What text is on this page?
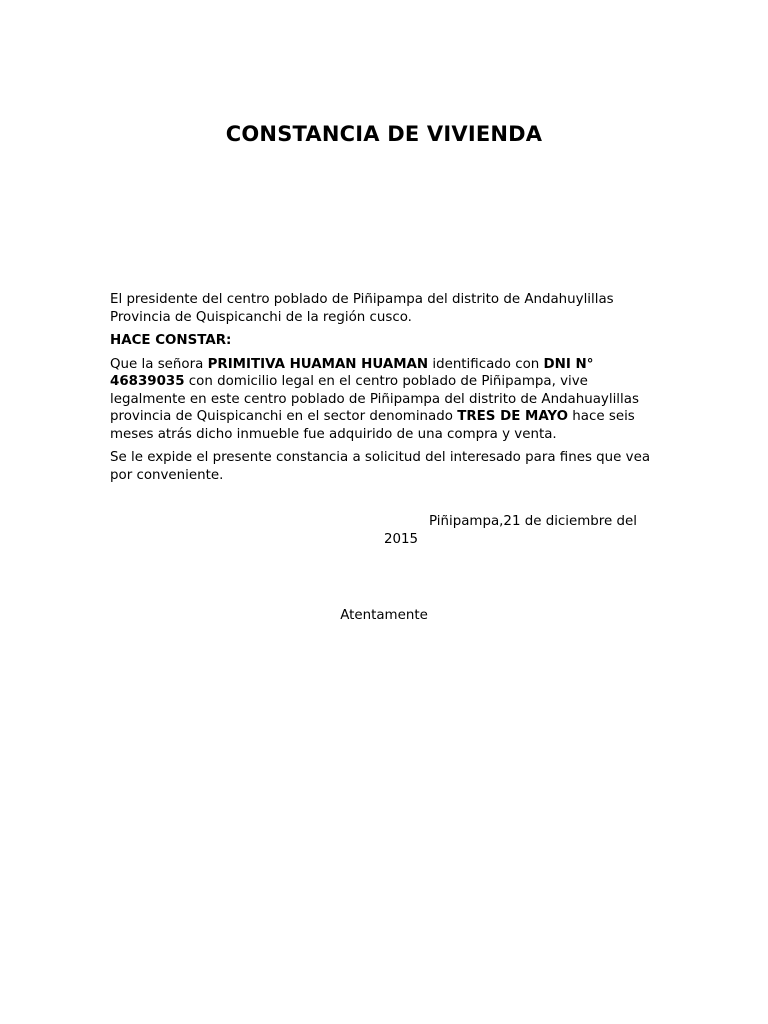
CONSTANCIA DE VIVIENDA

El presidente del centro poblado de Piñipampa del distrito de Andahuylillas Provincia de Quispicanchi de la región cusco.

HACE CONSTAR:

Que la señora PRIMITIVA HUAMAN HUAMAN identificado con DNI N° 46839035 con domicilio legal en el centro poblado de Piñipampa, vive legalmente en este centro poblado de Piñipampa del distrito de Andahuaylillas provincia de Quispicanchi en el sector denominado TRES DE MAYO hace seis meses atrás dicho inmueble fue adquirido de una compra y venta.

Se le expide el presente constancia a solicitud del interesado para fines que vea por conveniente.

Piñipampa,21 de diciembre del 2015

Atentamente
